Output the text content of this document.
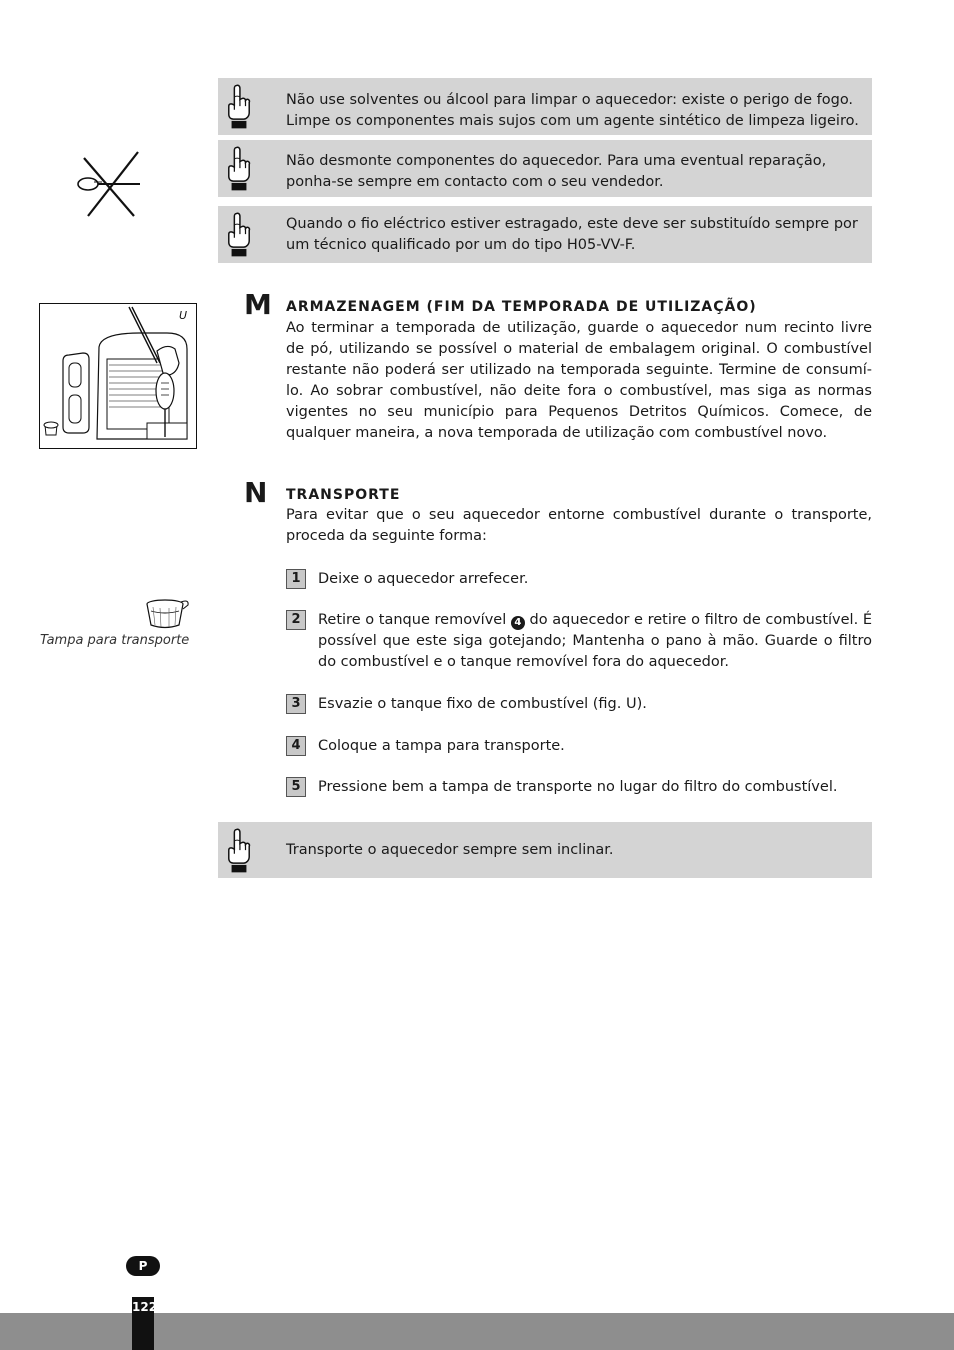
Não use solventes ou álcool para limpar o aquecedor: existe o perigo de fogo.
Limpe os componentes mais sujos com um agente sintético de limpeza ligeiro.
Não desmonte componentes do aquecedor. Para uma eventual reparação,
ponha-se sempre em contacto com o seu vendedor.
Quando o fio eléctrico estiver estragado, este deve ser substituído sempre por
um técnico qualificado por um do tipo H05-VV-F.
U M ARMAZENAGEM (FIM DA TEMPORADA DE UTILIZAÇÃO)
Ao terminar a temporada de utilização, guarde o aquecedor num recinto livre de pó, utilizando se possível o material de embalagem original. O combustível restante não poderá ser utilizado na temporada seguinte. Termine de consumí-lo. Ao sobrar combustível, não deite fora o combustível, mas siga as normas vigentes no seu município para Pequenos Detritos Químicos. Comece, de qualquer maneira, a nova temporada de utilização com combustível novo.
N TRANSPORTE
Para evitar que o seu aquecedor entorne combustível durante o transporte, proceda da seguinte forma:
1	Deixe o aquecedor arrefecer.
2	Retire o tanque removível 4 do aquecedor e retire o filtro de combustível. É possível que este siga gotejando; Mantenha o pano à mão. Guarde o filtro do combustível e o tanque removível fora do aquecedor.
3	Esvazie o tanque fixo de combustível (fig. U).
4	Coloque a tampa para transporte.
5	Pressione bem a tampa de transporte no lugar do filtro do combustível.
Tampa para transporte
Transporte o aquecedor sempre sem inclinar.
P
122
